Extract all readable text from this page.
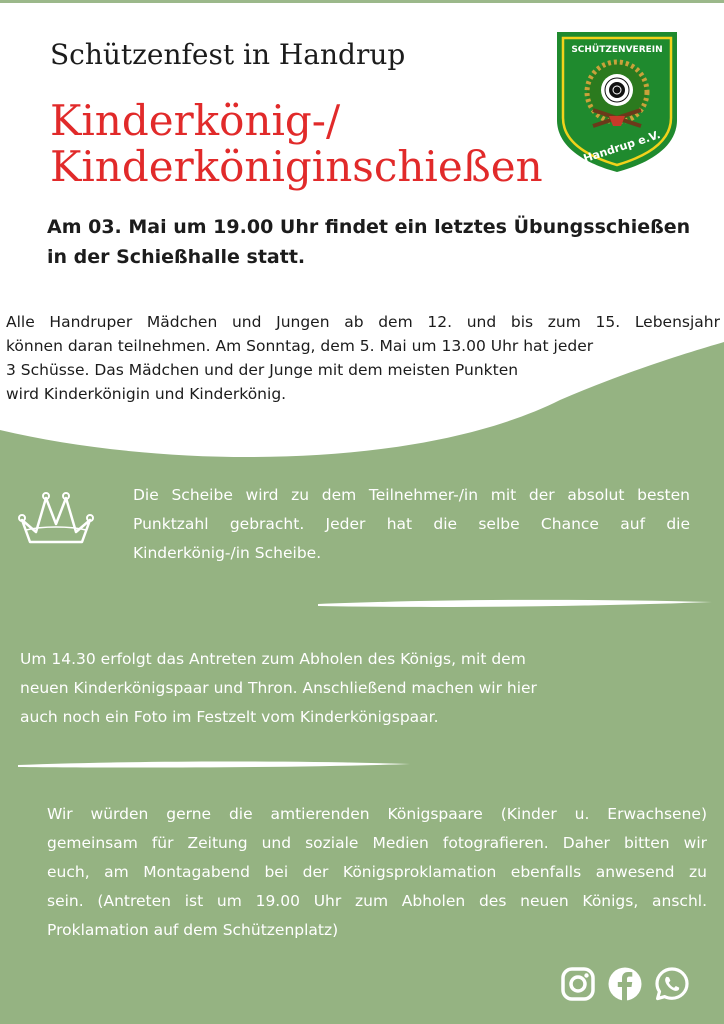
Schützenfest in Handrup
Kinderkönig-/
Kinderköniginschießen
SCHÜTZENVEREIN
Handrup e.V.
Am 03. Mai um 19.00 Uhr findet ein letztes Übungsschießen
in der Schießhalle statt.
Alle Handruper Mädchen und Jungen ab dem 12. und bis zum 15. Lebensjahr
können daran teilnehmen. Am Sonntag, dem 5. Mai um 13.00 Uhr hat jeder
3 Schüsse. Das Mädchen und der Junge mit dem meisten Punkten
wird Kinderkönigin und Kinderkönig.
Die Scheibe wird zu dem Teilnehmer-/in mit der absolut besten
Punktzahl gebracht. Jeder hat die selbe Chance auf die
Kinderkönig-/in Scheibe.
Um 14.30 erfolgt das Antreten zum Abholen des Königs, mit dem
neuen Kinderkönigspaar und Thron. Anschließend machen wir hier
auch noch ein Foto im Festzelt vom Kinderkönigspaar.
Wir würden gerne die amtierenden Königspaare (Kinder u. Erwachsene)
gemeinsam für Zeitung und soziale Medien fotografieren. Daher bitten wir
euch, am Montagabend bei der Königsproklamation ebenfalls anwesend zu
sein. (Antreten ist um 19.00 Uhr zum Abholen des neuen Königs, anschl.
Proklamation auf dem Schützenplatz)
